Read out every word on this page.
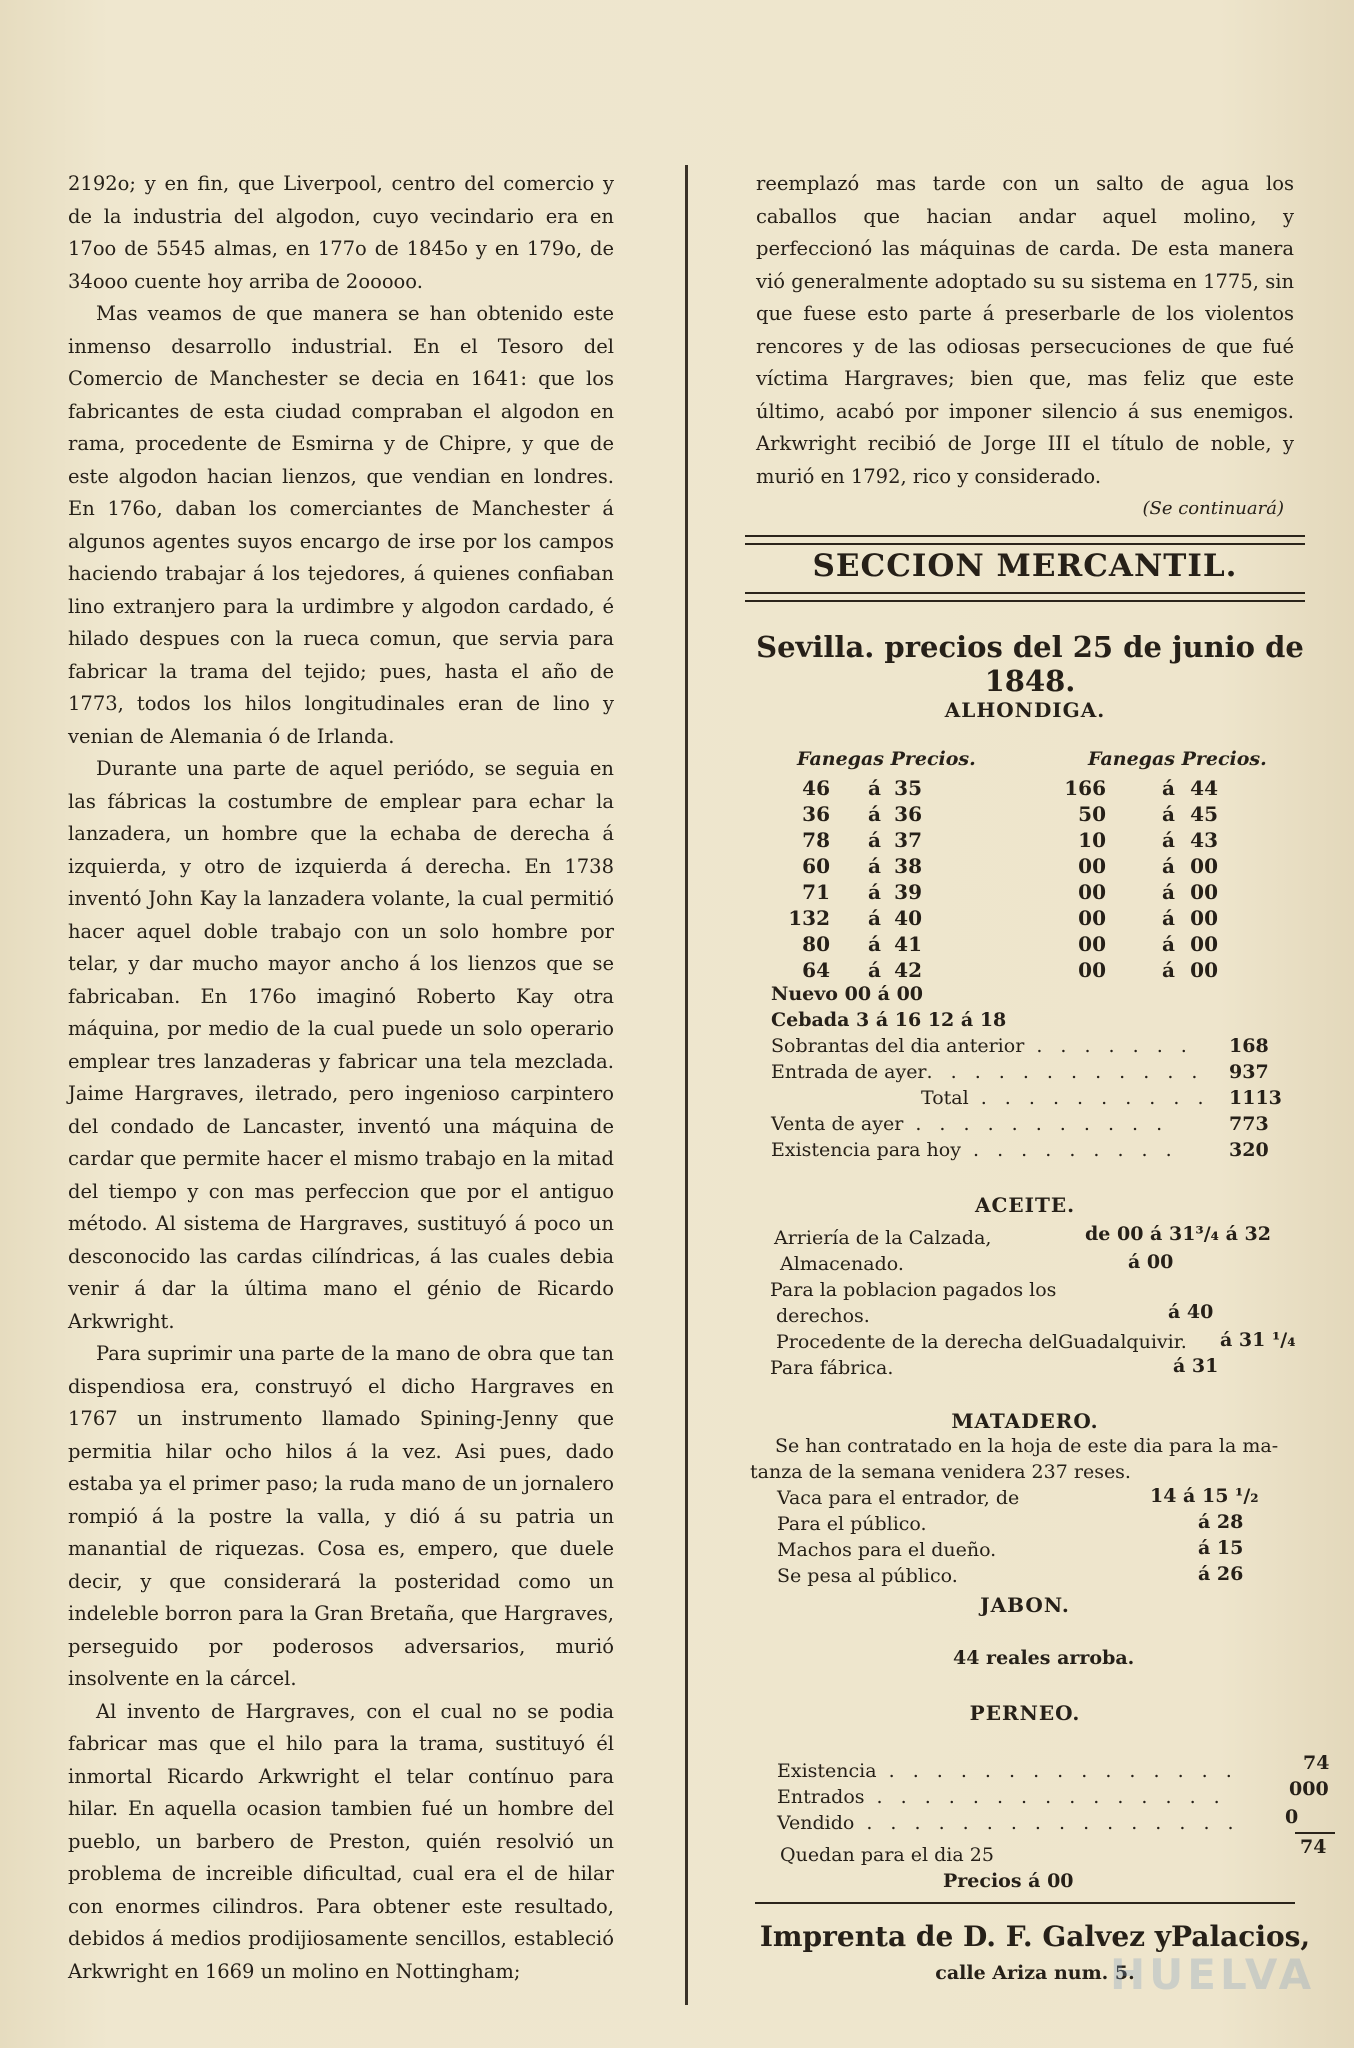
2192o; y en fin, que Liverpool, centro del comercio y de la industria del algodon, cuyo vecindario era en 17oo de 5545 almas, en 177o de 1845o y en 179o, de 34ooo cuente hoy arriba de 2ooooo.

Mas veamos de que manera se han obtenido este inmenso desarrollo industrial. En el Tesoro del Comercio de Manchester se decia en 1641: que los fabricantes de esta ciudad compraban el algodon en rama, procedente de Esmirna y de Chipre, y que de este algodon hacian lienzos, que vendian en londres. En 176o, daban los comerciantes de Manchester á algunos agentes suyos encargo de irse por los campos haciendo trabajar á los tejedores, á quienes confiaban lino extranjero para la urdimbre y algodon cardado, é hilado despues con la rueca comun, que servia para fabricar la trama del tejido; pues, hasta el año de 1773, todos los hilos longitudinales eran de lino y venian de Alemania ó de Irlanda.

Durante una parte de aquel periódo, se seguia en las fábricas la costumbre de emplear para echar la lanzadera, un hombre que la echaba de derecha á izquierda, y otro de izquierda á derecha. En 1738 inventó John Kay la lanzadera volante, la cual permitió hacer aquel doble trabajo con un solo hombre por telar, y dar mucho mayor ancho á los lienzos que se fabricaban. En 176o imaginó Roberto Kay otra máquina, por medio de la cual puede un solo operario emplear tres lanzaderas y fabricar una tela mezclada. Jaime Hargraves, iletrado, pero ingenioso carpintero del condado de Lancaster, inventó una máquina de cardar que permite hacer el mismo trabajo en la mitad del tiempo y con mas perfeccion que por el antiguo método. Al sistema de Hargraves, sustituyó á poco un desconocido las cardas cilíndricas, á las cuales debia venir á dar la última mano el génio de Ricardo Arkwright.

Para suprimir una parte de la mano de obra que tan dispendiosa era, construyó el dicho Hargraves en 1767 un instrumento llamado Spining-Jenny que permitia hilar ocho hilos á la vez. Asi pues, dado estaba ya el primer paso; la ruda mano de un jornalero rompió á la postre la valla, y dió á su patria un manantial de riquezas. Cosa es, empero, que duele decir, y que considerará la posteridad como un indeleble borron para la Gran Bretaña, que Hargraves, perseguido por poderosos adversarios, murió insolvente en la cárcel.

Al invento de Hargraves, con el cual no se podia fabricar mas que el hilo para la trama, sustituyó él inmortal Ricardo Arkwright el telar contínuo para hilar. En aquella ocasion tambien fué un hombre del pueblo, un barbero de Preston, quién resolvió un problema de increible dificultad, cual era el de hilar con enormes cilindros. Para obtener este resultado, debidos á medios prodijiosamente sencillos, estableció Arkwright en 1669 un molino en Nottingham;

reemplazó mas tarde con un salto de agua los caballos que hacian andar aquel molino, y perfeccionó las máquinas de carda. De esta manera vió generalmente adoptado su su sistema en 1775, sin que fuese esto parte á preserbarle de los violentos rencores y de las odiosas persecuciones de que fué víctima Hargraves; bien que, mas feliz que este último, acabó por imponer silencio á sus enemigos. Arkwright recibió de Jorge III el título de noble, y murió en 1792, rico y considerado.

(Se continuará)
SECCION MERCANTIL.
Sevilla. precios del 25 de junio de 1848.
ALHONDIGA.
Fanegas Precios.	Fanegas Precios.
46	á 35	166	á 44
36	á 36	50	á 45
78	á 37	10	á 43
60	á 38	00	á 00
71	á 39	00	á 00
132	á 40	00	á 00
80	á 41	00	á 00
64	á 42	00	á 00
Nuevo 00 á 00
Cebada 3 á 16 12 á 18
Sobrantas del dia anterior . . . . . . . 168
Entrada de ayer. . . . . . . . . . . . 937
Total . . . . . . . . . . 1113
Venta de ayer . . . . . . . . . . .	773
Existencia para hoy . . . . . . . . .	320
ACEITE.
Arriería de la Calzada,	de 00 á 31³/₄ á 32
Almacenado.	á 00
Para la poblacion pagados los
derechos.	á 40
Procedente de la derecha delGuadalquivir. á 31 ¹/₄
Para fábrica.	á 31
MATADERO.
Se han contratado en la hoja de este dia para la ma-
tanza de la semana venidera 237 reses.
Vaca para el entrador, de	14 á 15 ¹/₂
Para el público.	á 28
Machos para el dueño.	á 15
Se pesa al público.	á 26
JABON.
44 reales arroba.
PERNEO.
Existencia . . . . . . . . . . . . . . .	74
Entrados . . . . . . . . . . . . . . .	000
Vendido . . . . . . . . . . . . . . . . 0
Quedan para el dia 25	74
Precios á 00
Imprenta de D. F. Galvez yPalacios,
calle Ariza num. 5.
HUELVA
